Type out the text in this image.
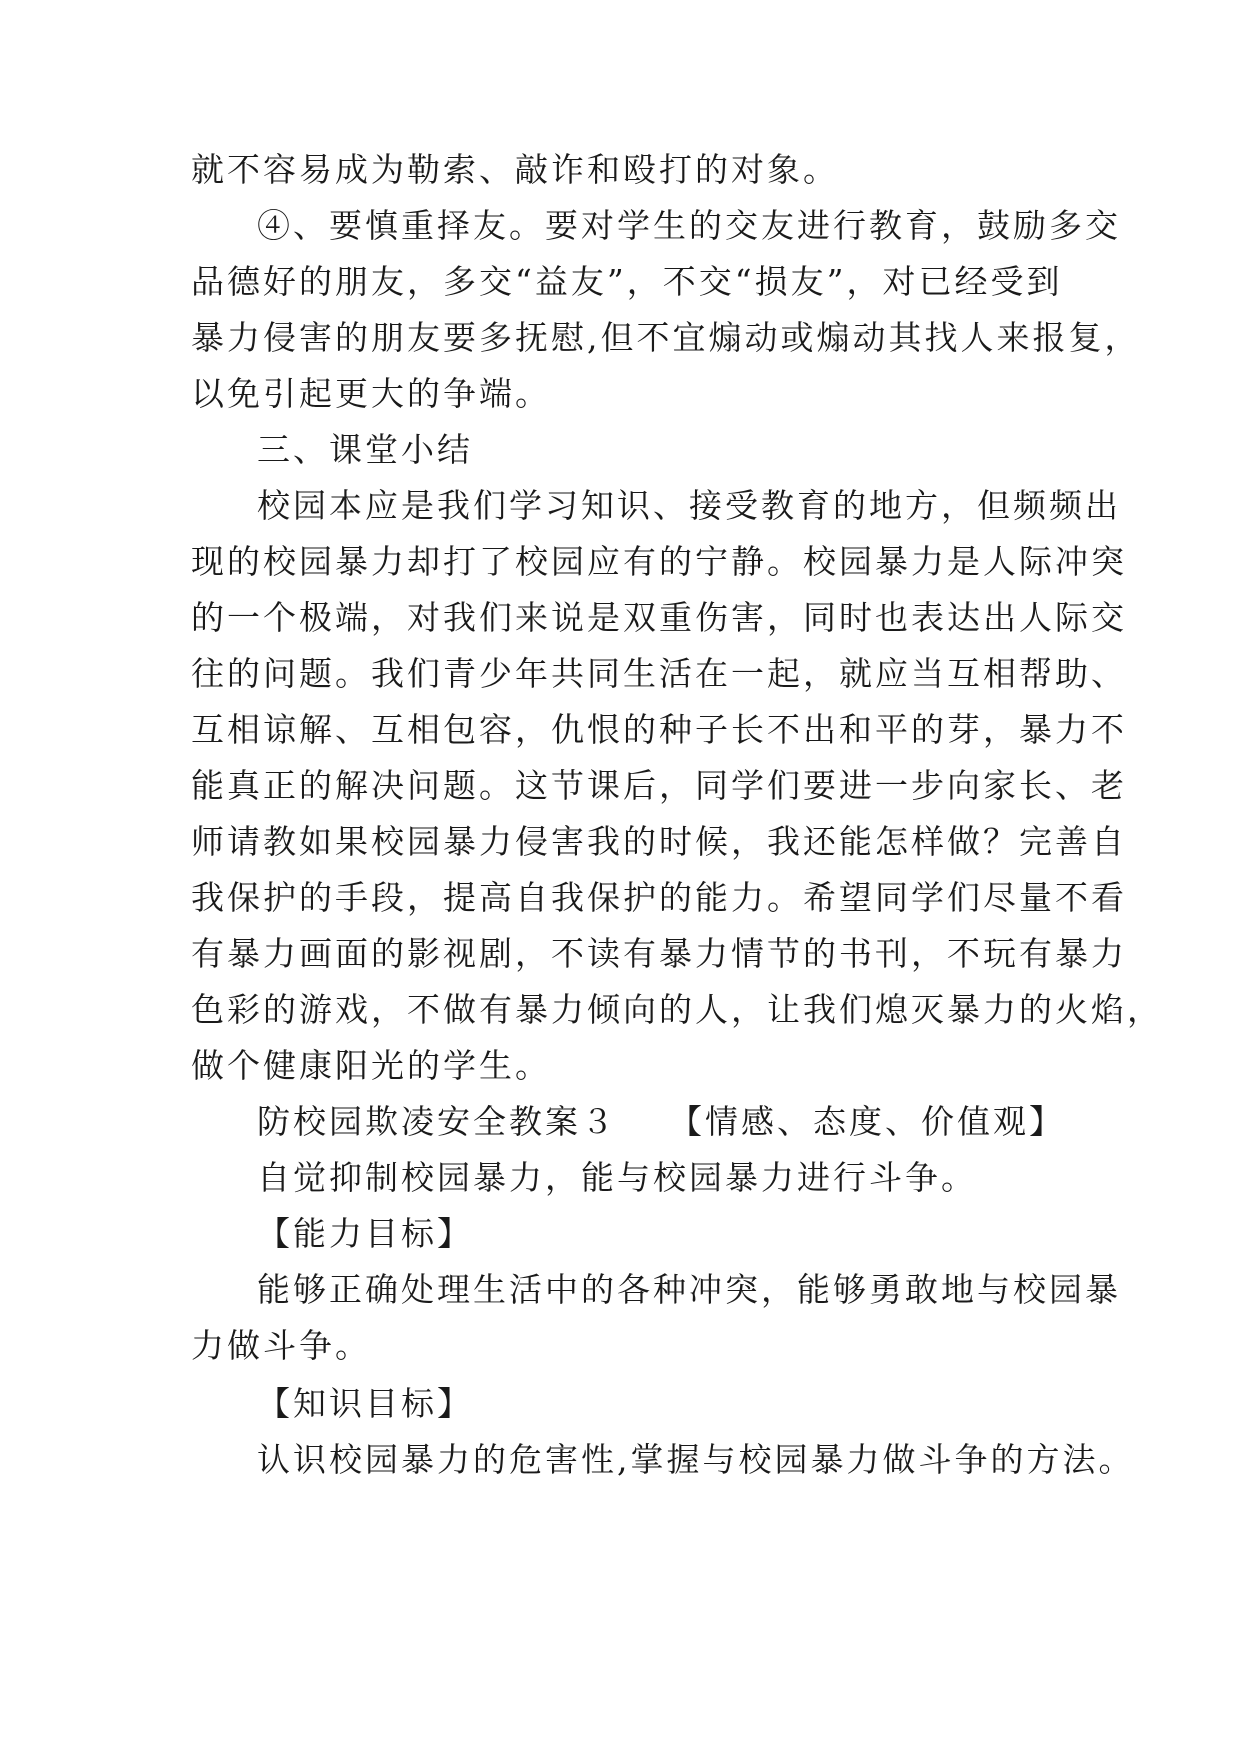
就不容易成为勒索、敲诈和殴打的对象。
④、要慎重择友。要对学生的交友进行教育，鼓励多交
品德好的朋友，多交“益友”，不交“损友”，对已经受到
暴力侵害的朋友要多抚慰,但不宜煽动或煽动其找人来报复，
以免引起更大的争端。
三、课堂小结
校园本应是我们学习知识、接受教育的地方，但频频出
现的校园暴力却打了校园应有的宁静。校园暴力是人际冲突
的一个极端，对我们来说是双重伤害，同时也表达出人际交
往的问题。我们青少年共同生活在一起，就应当互相帮助、
互相谅解、互相包容，仇恨的种子长不出和平的芽，暴力不
能真正的解决问题。这节课后，同学们要进一步向家长、老
师请教如果校园暴力侵害我的时候，我还能怎样做？完善自
我保护的手段，提高自我保护的能力。希望同学们尽量不看
有暴力画面的影视剧，不读有暴力情节的书刊，不玩有暴力
色彩的游戏，不做有暴力倾向的人，让我们熄灭暴力的火焰，
做个健康阳光的学生。
防校园欺凌安全教案３ 【情感、态度、价值观】
自觉抑制校园暴力，能与校园暴力进行斗争。
【能力目标】
能够正确处理生活中的各种冲突，能够勇敢地与校园暴
力做斗争。
【知识目标】
认识校园暴力的危害性,掌握与校园暴力做斗争的方法。
